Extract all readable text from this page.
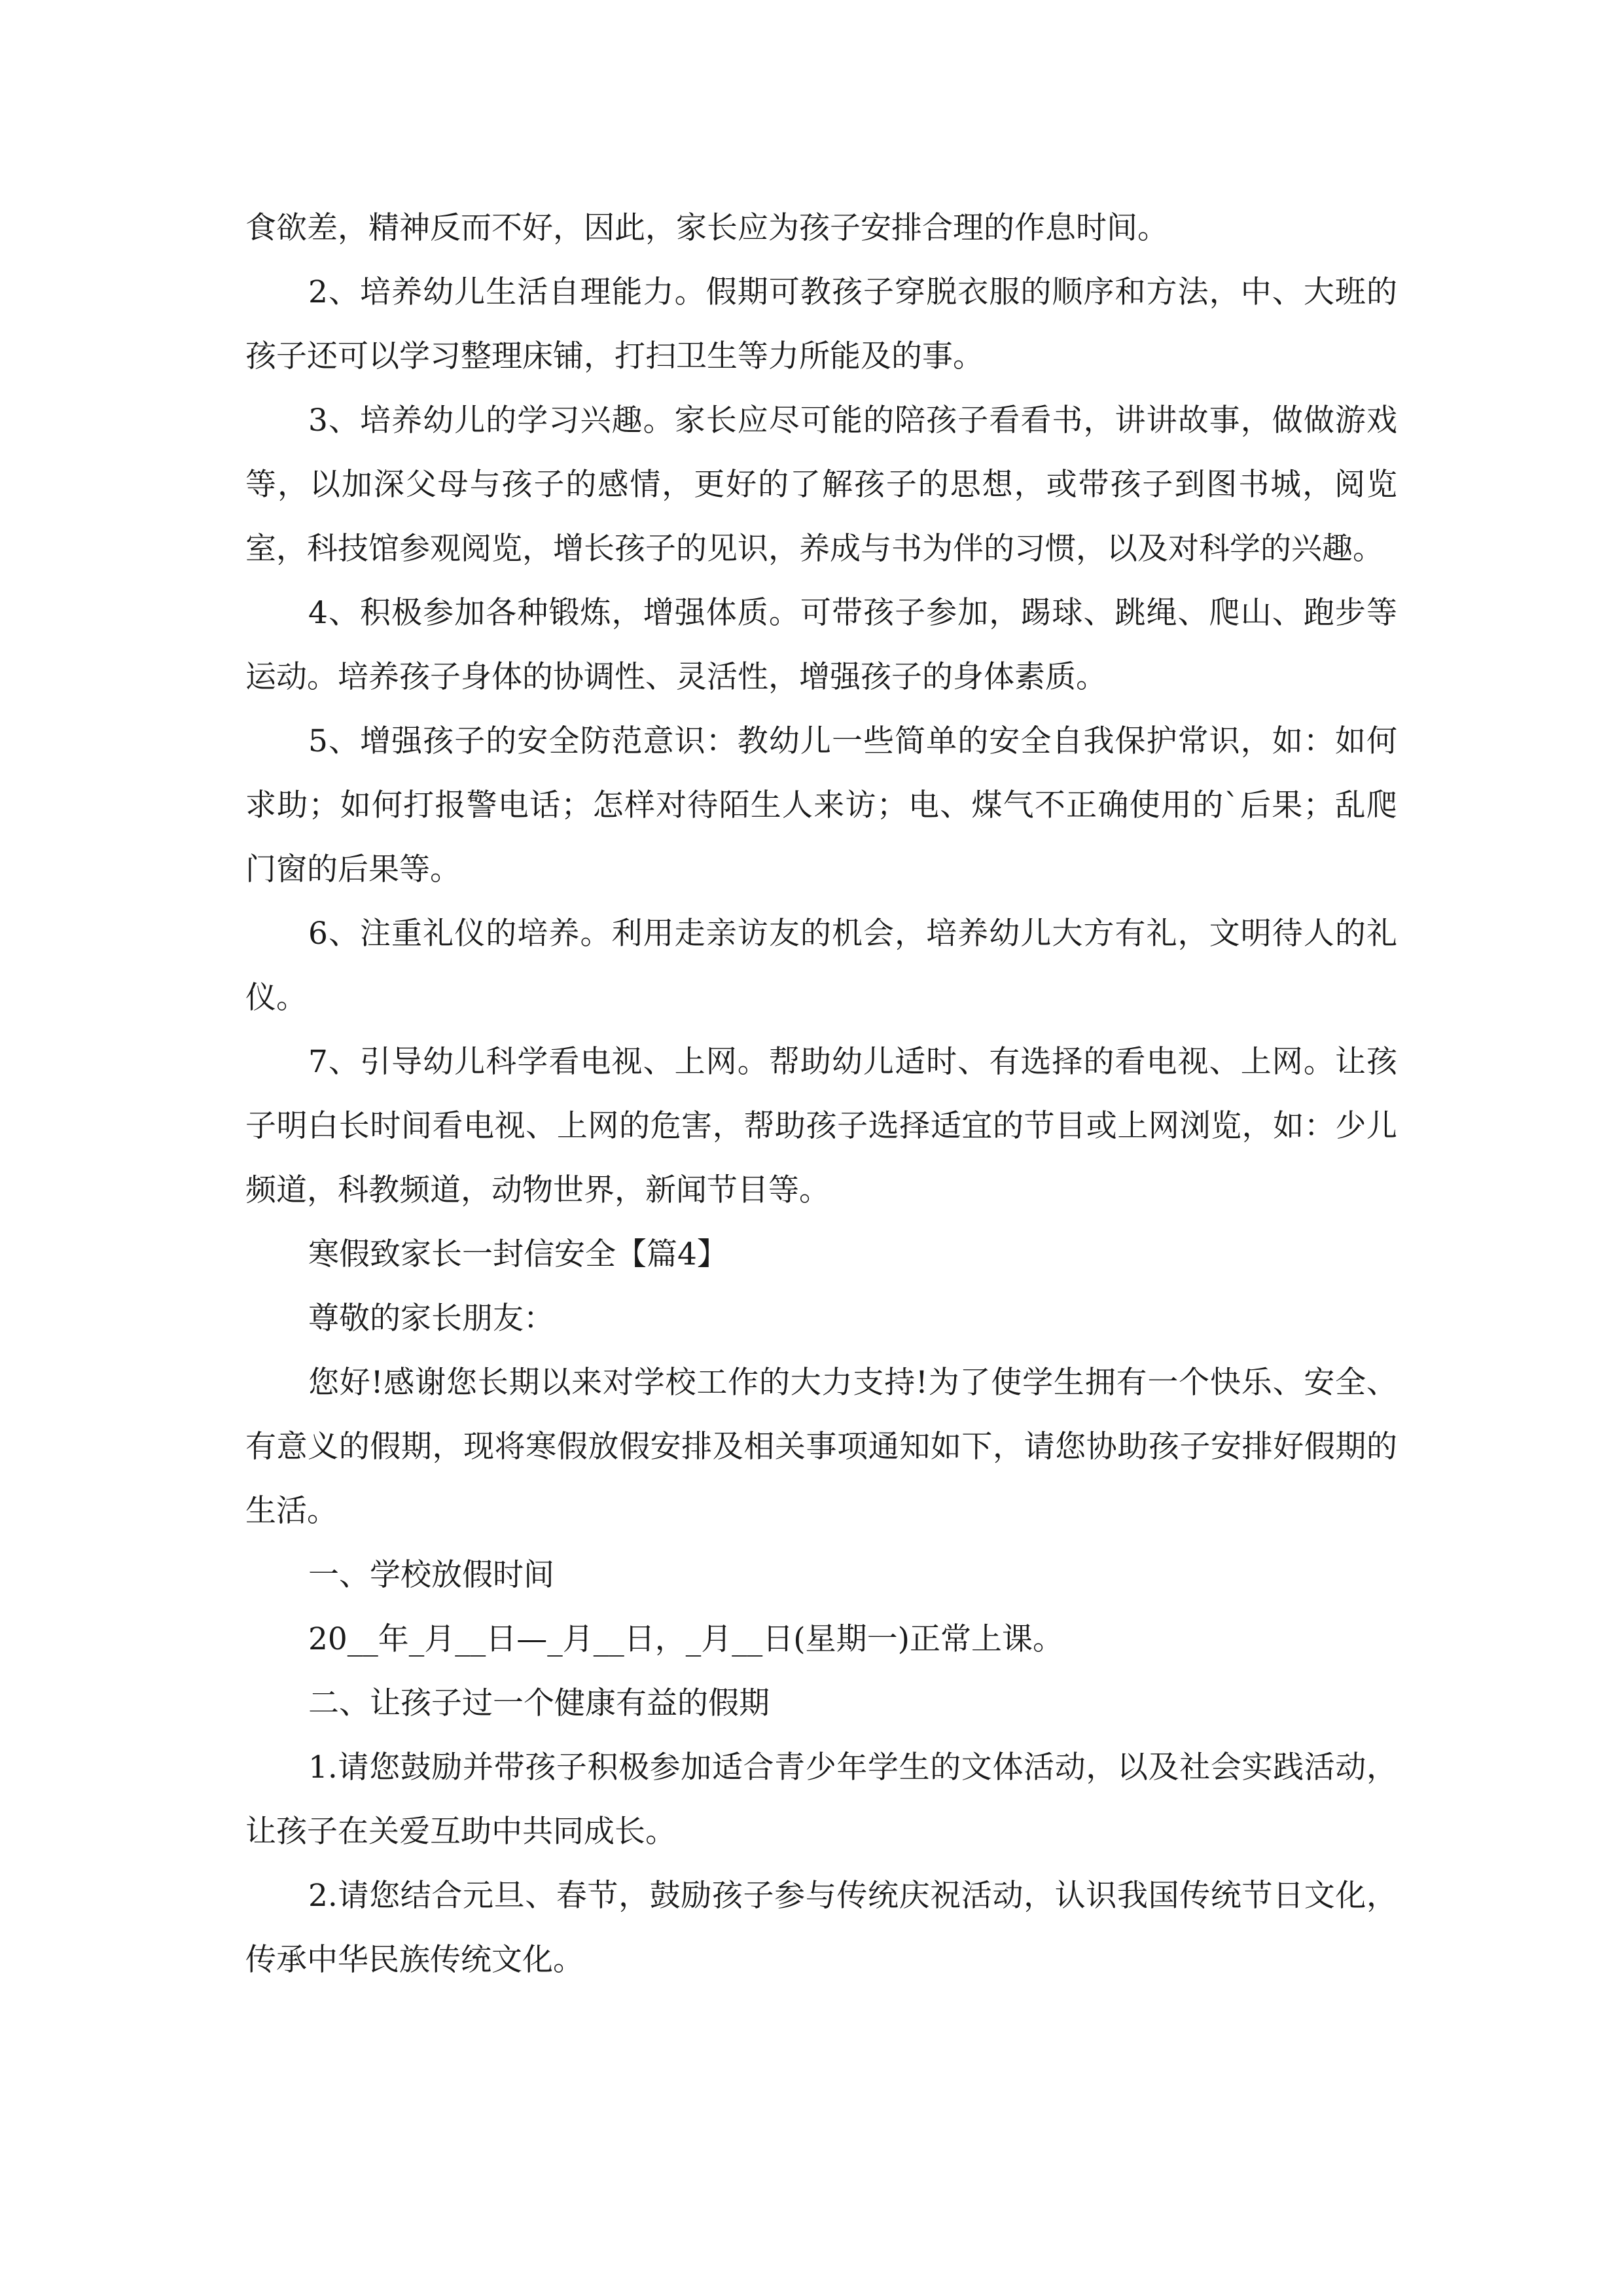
食欲差，精神反而不好，因此，家长应为孩子安排合理的作息时间。

2、培养幼儿生活自理能力。假期可教孩子穿脱衣服的顺序和方法，中、大班的孩子还可以学习整理床铺，打扫卫生等力所能及的事。

3、培养幼儿的学习兴趣。家长应尽可能的陪孩子看看书，讲讲故事，做做游戏等，以加深父母与孩子的感情，更好的了解孩子的思想，或带孩子到图书城，阅览室，科技馆参观阅览，增长孩子的见识，养成与书为伴的习惯，以及对科学的兴趣。

4、积极参加各种锻炼，增强体质。可带孩子参加，踢球、跳绳、爬山、跑步等运动。培养孩子身体的协调性、灵活性，增强孩子的身体素质。

5、增强孩子的安全防范意识：教幼儿一些简单的安全自我保护常识，如：如何求助；如何打报警电话；怎样对待陌生人来访；电、煤气不正确使用的`后果；乱爬门窗的后果等。

6、注重礼仪的培养。利用走亲访友的机会，培养幼儿大方有礼，文明待人的礼仪。

7、引导幼儿科学看电视、上网。帮助幼儿适时、有选择的看电视、上网。让孩子明白长时间看电视、上网的危害，帮助孩子选择适宜的节目或上网浏览，如：少儿频道，科教频道，动物世界，新闻节目等。

寒假致家长一封信安全【篇4】

尊敬的家长朋友：

您好!感谢您长期以来对学校工作的大力支持!为了使学生拥有一个快乐、安全、有意义的假期，现将寒假放假安排及相关事项通知如下，请您协助孩子安排好假期的生活。

一、学校放假时间

20__年_月__日—_月__日，_月__日(星期一)正常上课。

二、让孩子过一个健康有益的假期

1.请您鼓励并带孩子积极参加适合青少年学生的文体活动，以及社会实践活动，让孩子在关爱互助中共同成长。

2.请您结合元旦、春节，鼓励孩子参与传统庆祝活动，认识我国传统节日文化，传承中华民族传统文化。
